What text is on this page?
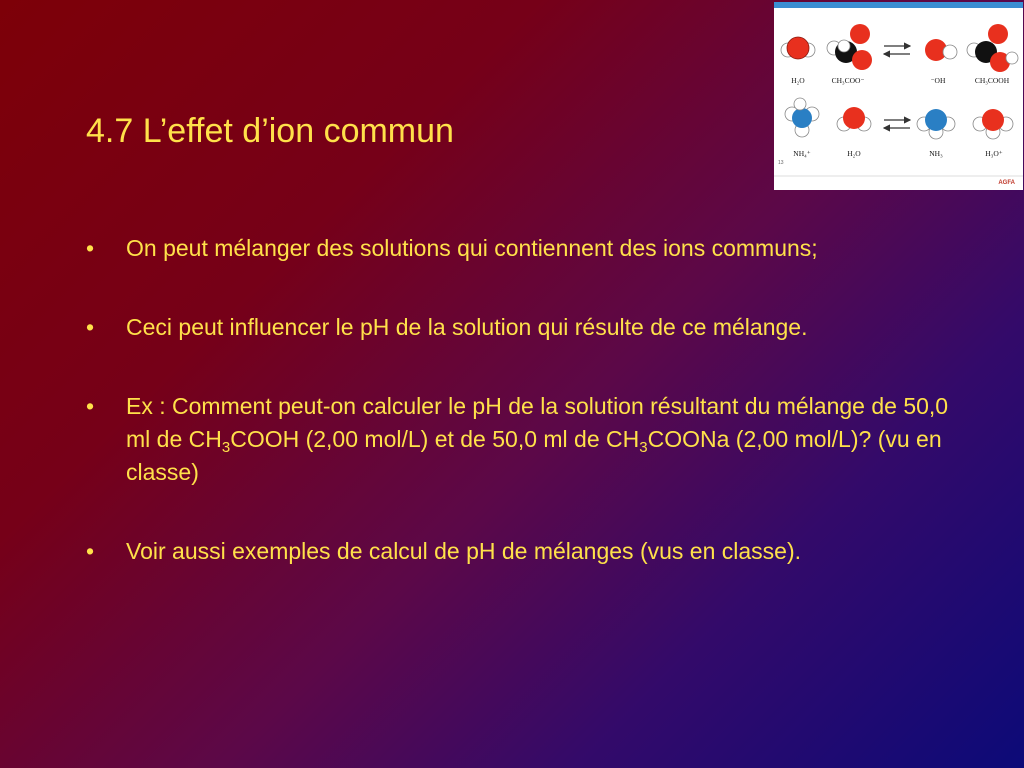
4.7 L’effet d’ion commun
•	On peut mélanger des solutions qui contiennent des ions communs;
•	Ceci peut influencer le pH de la solution qui résulte de ce mélange.
•	Ex : Comment peut-on calculer le pH de la solution résultant du mélange de 50,0 ml de $CH_3COOH$ (2,00 mol/L) et de 50,0 ml de $CH_3COONa$ (2,00 mol/L)? (vu en classe)
•	Voir aussi exemples de calcul de pH de mélanges (vus en classe).
H₂O	CH₃COO⁻	⁻OH	CH₃COOH
NH₄⁺	H₂O	NH₃	H₃O⁺
13
AGFA
